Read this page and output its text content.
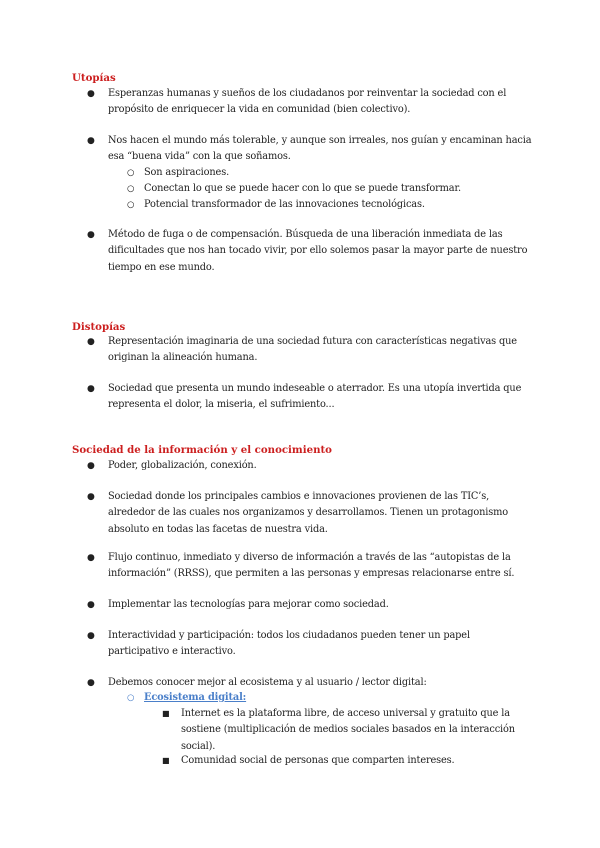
Utopías

● Esperanzas humanas y sueños de los ciudadanos por reinventar la sociedad con el propósito de enriquecer la vida en comunidad (bien colectivo).
● Nos hacen el mundo más tolerable, y aunque son irreales, nos guían y encaminan hacia esa “buena vida” con la que soñamos.
○ Son aspiraciones.
○ Conectan lo que se puede hacer con lo que se puede transformar.
○ Potencial transformador de las innovaciones tecnológicas.
● Método de fuga o de compensación. Búsqueda de una liberación inmediata de las dificultades que nos han tocado vivir, por ello solemos pasar la mayor parte de nuestro tiempo en ese mundo.

Distopías

● Representación imaginaria de una sociedad futura con características negativas que originan la alineación humana.
● Sociedad que presenta un mundo indeseable o aterrador. Es una utopía invertida que representa el dolor, la miseria, el sufrimiento...

Sociedad de la información y el conocimiento

● Poder, globalización, conexión.
● Sociedad donde los principales cambios e innovaciones provienen de las TIC’s, alrededor de las cuales nos organizamos y desarrollamos. Tienen un protagonismo absoluto en todas las facetas de nuestra vida.
● Flujo continuo, inmediato y diverso de información a través de las “autopistas de la información” (RRSS), que permiten a las personas y empresas relacionarse entre sí.
● Implementar las tecnologías para mejorar como sociedad.
● Interactividad y participación: todos los ciudadanos pueden tener un papel participativo e interactivo.
● Debemos conocer mejor al ecosistema y al usuario / lector digital:
○ Ecosistema digital:
■ Internet es la plataforma libre, de acceso universal y gratuito que la sostiene (multiplicación de medios sociales basados en la interacción social).
■ Comunidad social de personas que comparten intereses.
